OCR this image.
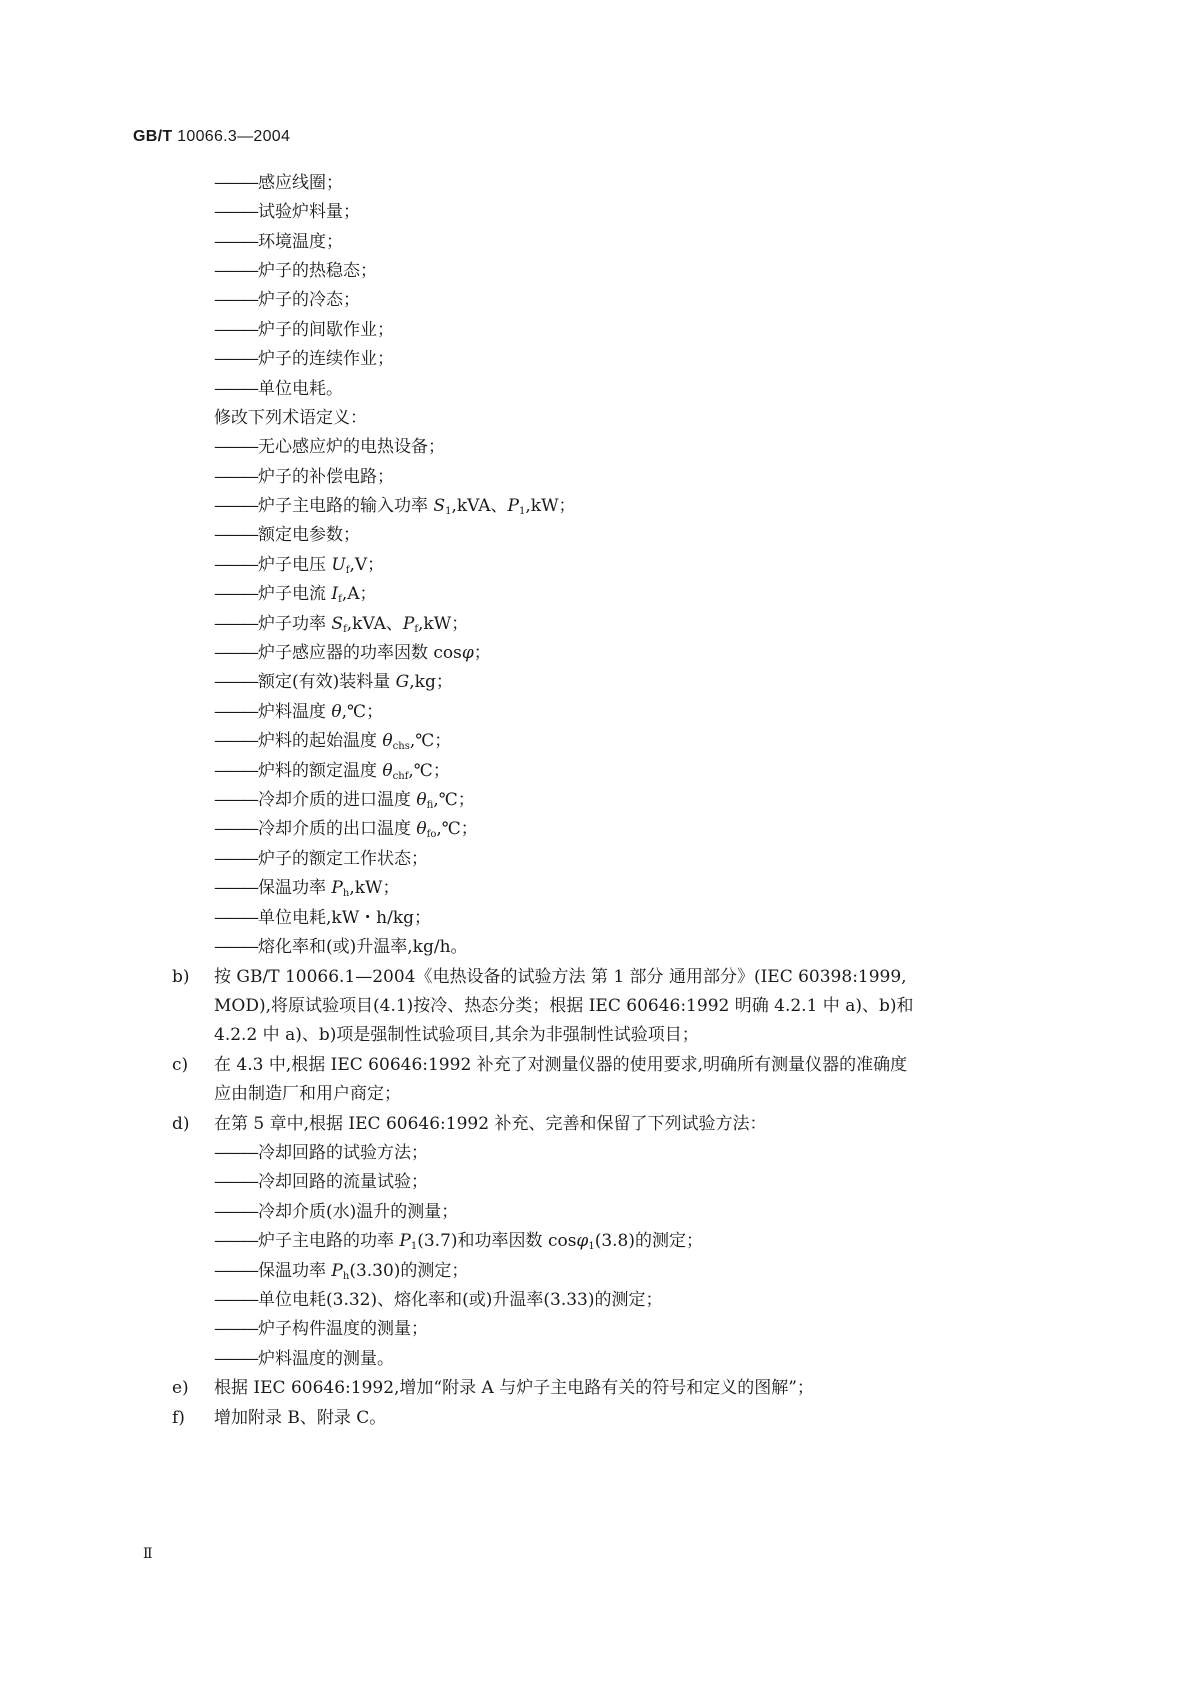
GB/T 10066.3—2004
——— 感应线圈；
——— 试验炉料量；
——— 环境温度；
——— 炉子的热稳态；
——— 炉子的冷态；
——— 炉子的间歇作业；
——— 炉子的连续作业；
——— 单位电耗。
修改下列术语定义：
——— 无心感应炉的电热设备；
——— 炉子的补偿电路；
——— 炉子主电路的输入功率 $S_1,kVA$、$P_1,kW$；
——— 额定电参数；
——— 炉子电压 $U_f,V$；
——— 炉子电流 $I_f,A$；
——— 炉子功率 $S_f,kVA$、$P_f,kW$；
——— 炉子感应器的功率因数 cosφ；
——— 额定(有效)装料量 G,kg；
——— 炉料温度 θ,℃；
——— 炉料的起始温度 $\theta_{chs},℃$；
——— 炉料的额定温度 $\theta_{chf},℃$；
——— 冷却介质的进口温度 $\theta_{fi},℃$；
——— 冷却介质的出口温度 $\theta_{fo},℃$；
——— 炉子的额定工作状态；
——— 保温功率 $P_h,kW$；
——— 单位电耗,kW・h/kg；
——— 熔化率和(或)升温率,kg/h。
b) 按 GB/T 10066.1—2004《电热设备的试验方法 第 1 部分 通用部分》(IEC 60398:1999,
MOD),将原试验项目(4.1)按冷、热态分类；根据 IEC 60646:1992 明确 4.2.1 中 a)、b)和
4.2.2 中 a)、b)项是强制性试验项目,其余为非强制性试验项目；
c) 在 4.3 中,根据 IEC 60646:1992 补充了对测量仪器的使用要求,明确所有测量仪器的准确度
应由制造厂和用户商定；
d) 在第 5 章中,根据 IEC 60646:1992 补充、完善和保留了下列试验方法：
——— 冷却回路的试验方法；
——— 冷却回路的流量试验；
——— 冷却介质(水)温升的测量；
——— 炉子主电路的功率 $P_1(3.7)$和功率因数 cosφ$_1$(3.8)的测定；
——— 保温功率 $P_h(3.30)$的测定；
——— 单位电耗(3.32)、熔化率和(或)升温率(3.33)的测定；
——— 炉子构件温度的测量；
——— 炉料温度的测量。
e) 根据 IEC 60646:1992,增加“附录 A 与炉子主电路有关的符号和定义的图解”；
f) 增加附录 B、附录 C。
Ⅱ
